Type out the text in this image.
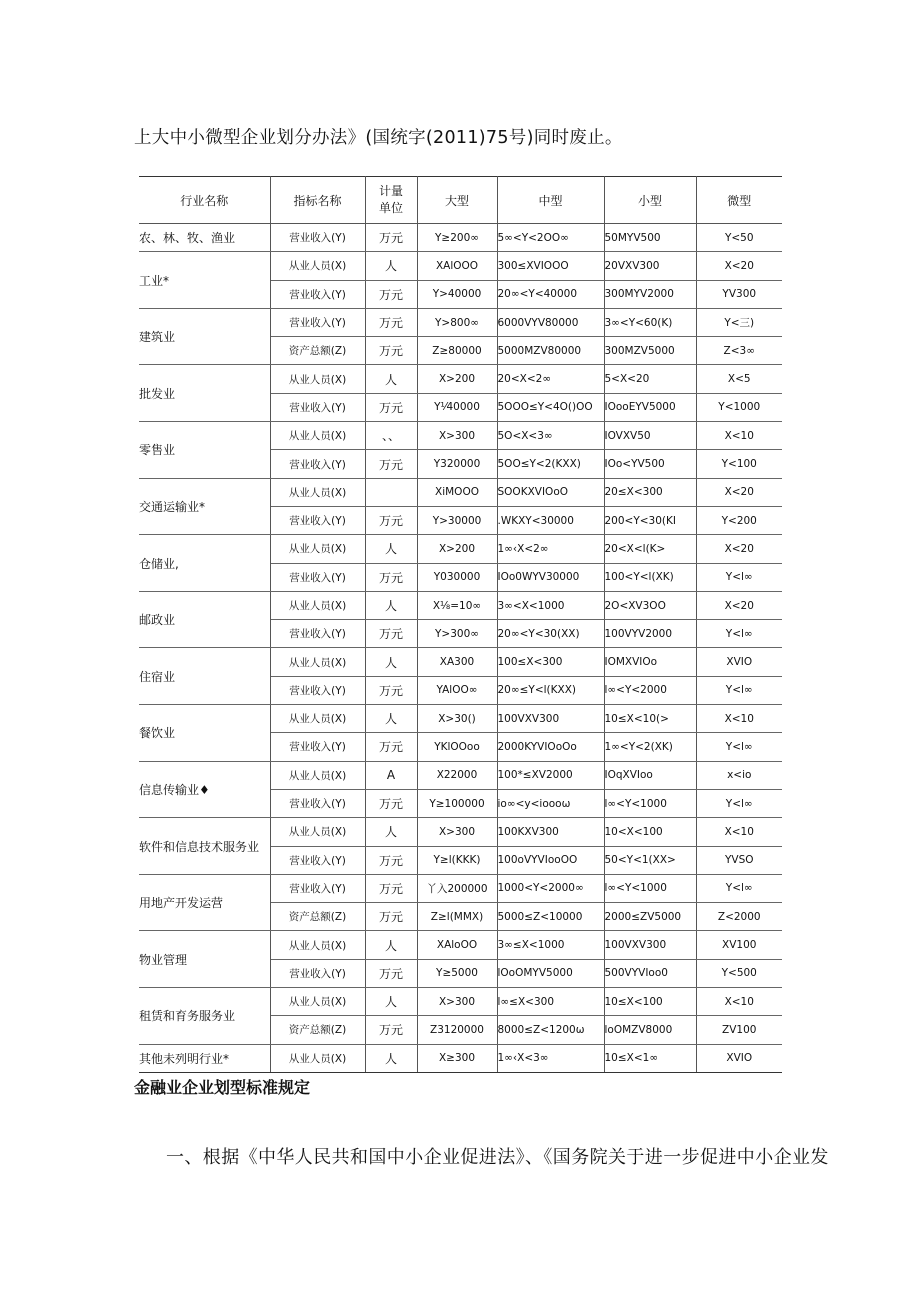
上大中小微型企业划分办法》(国统字(2011)75号)同时废止。
行业名称	指标名称	计量单位	大型	中型	小型	微型
农、林、牧、渔业	营业收入(Y)	万元	Y≥200∞	5∞<Y<2OO∞	50MYV500	Y<50
工业*	从业人员(X)	人	XAlOOO	300≤XVIOOO	20VXV300	X<20
	营业收入(Y)	万元	Y>40000	20∞<Y<40000	300MYV2000	YV300
建筑业	营业收入(Y)	万元	Y>800∞	6000VYV80000	3∞<Y<60(K)	Y<三)
	资产总额(Z)	万元	Z≥80000	5000MZV80000	300MZV5000	Z<3∞
批发业	从业人员(X)	人	X>200	20<X<2∞	5<X<20	X<5
	营业收入(Y)	万元	Y⅟40000	5OOO≤Y<4O()OO	IOooEYV5000	Y<1000
零售业	从业人员(X)	、、	X>300	5O<X<3∞	IOVXV50	X<10
	营业收入(Y)	万元	Y320000	5OO≤Y<2(KXX)	IOo<YV500	Y<100
交通运输业*	从业人员(X)		XiMOOO	SOOKXVIOoO	20≤X<300	X<20
	营业收入(Y)	万元	Y>30000	.WKXY<30000	200<Y<30(KI	Y<200
仓储业,	从业人员(X)	人	X>200	1∞‹X<2∞	20<X<l(K>	X<20
	营业收入(Y)	万元	Y030000	IOo0WYV30000	100<Y<l(XK)	Y<l∞
邮政业	从业人员(X)	人	X⅛=10∞	3∞<X<1000	2O<XV3OO	X<20
	营业收入(Y)	万元	Y>300∞	20∞<Y<30(XX)	100VYV2000	Y<l∞
住宿业	从业人员(X)	人	XA300	100≤X<300	IOMXVIOo	XVIO
	营业收入(Y)	万元	YAlOO∞	20∞≤Y<l(KXX)	l∞<Y<2000	Y<l∞
餐饮业	从业人员(X)	人	X>30()	100VXV300	10≤X<10(>	X<10
	营业收入(Y)	万元	YKlOOoo	2000KYVIOoOo	1∞<Y<2(XK)	Y<l∞
信息传输业♦	从业人员(X)	A	X22000	100*≤XV2000	IOqXVIoo	x<io
	营业收入(Y)	万元	Y≥100000	io∞<y<ioooω	l∞<Y<1000	Y<l∞
软件和信息技术服务业	从业人员(X)	人	X>300	100KXV300	10<X<100	X<10
	营业收入(Y)	万元	Y≥l(KKK)	100oVYVIooOO	50<Y<1(XX>	YVSO
用地产开发运营	营业收入(Y)	万元	丫入200000	1000<Y<2000∞	l∞<Y<1000	Y<l∞
	资产总额(Z)	万元	Z≥l(MMX)	5000≤Z<10000	2000≤ZV5000	Z<2000
物业管理	从业人员(X)	人	XAloOO	3∞≤X<1000	100VXV300	XV100
	营业收入(Y)	万元	Y≥5000	lOoOMYV5000	500VYVIoo0	Y<500
租赁和育务服务业	从业人员(X)	人	X>300	l∞≤X<300	10≤X<100	X<10
	资产总额(Z)	万元	Z3120000	8000≤Z<1200ω	loOMZV8000	ZV100
其他未列明行业*	从业人员(X)	人	X≥300	1∞‹X<3∞	10≤X<1∞	XVIO
金融业企业划型标准规定
一、根据《中华人民共和国中小企业促进法》、《国务院关于进一步促进中小企业发
